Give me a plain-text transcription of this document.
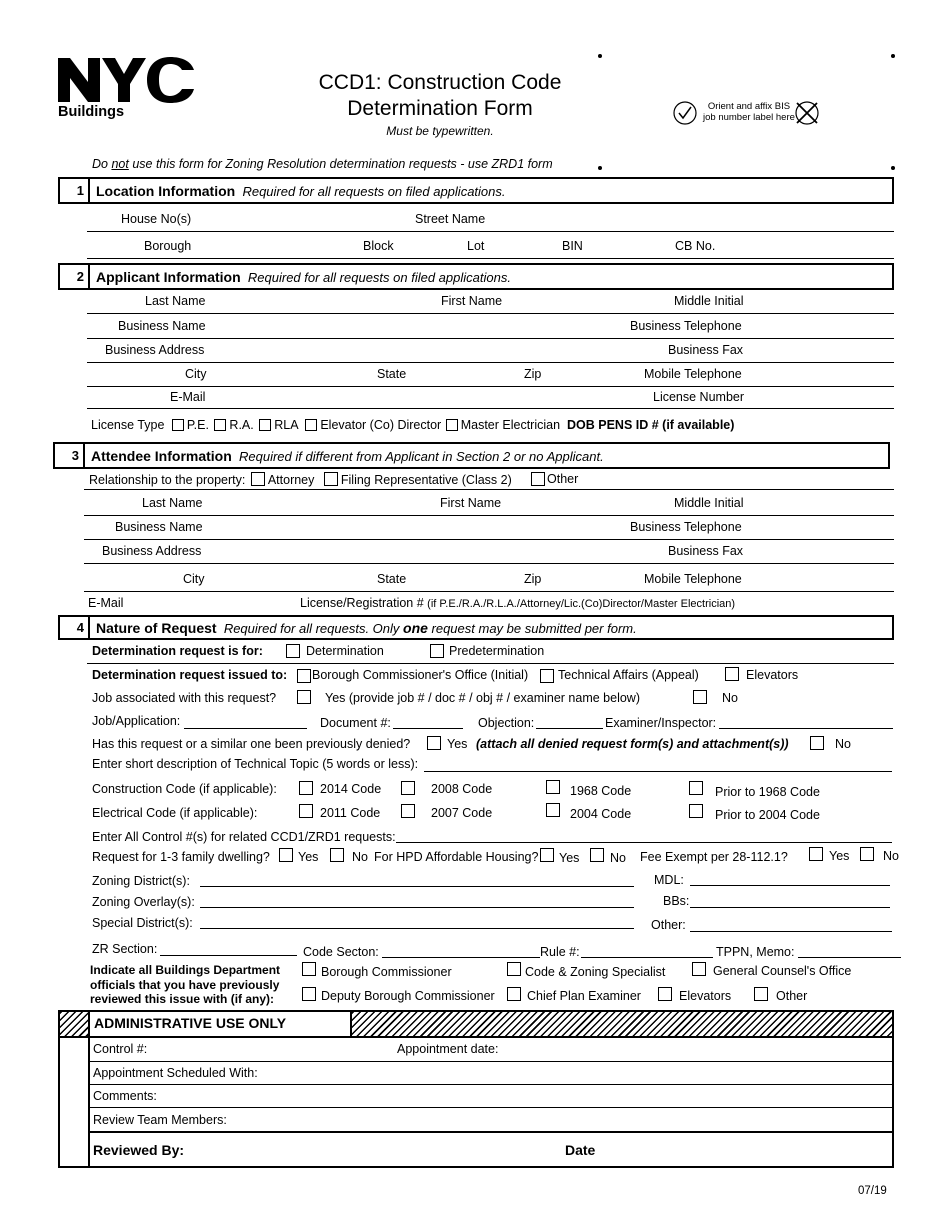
Buildings
CCD1: Construction Code
Determination Form
Must be typewritten.
Orient and affix BIS
job number label here
Do not use this form for Zoning Resolution determination requests - use ZRD1 form
1 Location Information Required for all requests on filed applications.
House No(s)	Street Name
Borough	Block	Lot	BIN	CB No.
2 Applicant Information Required for all requests on filed applications.
Last Name	First Name	Middle Initial
Business Name	Business Telephone
Business Address	Business Fax
City	State	Zip	Mobile Telephone
E-Mail	License Number
License Type P.E. R.A. RLA Elevator (Co) Director Master Electrician DOB PENS ID # (if available)
3 Attendee Information Required if different from Applicant in Section 2 or no Applicant.
Relationship to the property: Attorney Filing Representative (Class 2)	Other
Last Name	First Name	Middle Initial
Business Name	Business Telephone
Business Address	Business Fax
City	State	Zip	Mobile Telephone
E-Mail	License/Registration # (if P.E./R.A./R.L.A./Attorney/Lic.(Co)Director/Master Electrician)
4 Nature of Request Required for all requests. Only one request may be submitted per form.
Determination request is for:	Determination	Predetermination
Determination request issued to: Borough Commissioner's Office (Initial) Technical Affairs (Appeal)	Elevators
Job associated with this request?	Yes (provide job # / doc # / obj # / examiner name below)	No
Job/Application:	Document #:	Objection:	Examiner/Inspector:
Has this request or a similar one been previously denied?	Yes (attach all denied request form(s) and attachment(s))	No
Enter short description of Technical Topic (5 words or less):
Construction Code (if applicable):	2014 Code	2008 Code	1968 Code	Prior to 1968 Code
Electrical Code (if applicable):	2011 Code	2007 Code	2004 Code	Prior to 2004 Code
Enter All Control #(s) for related CCD1/ZRD1 requests:
Request for 1-3 family dwelling? Yes	No For HPD Affordable Housing? Yes No Fee Exempt per 28-112.1?	Yes	No
Zoning District(s):	MDL:
Zoning Overlay(s):	BBs:
Special District(s):	Other:
ZR Section:	Code Secton:	Rule #:	TPPN, Memo:
Indicate all Buildings Department
officials that you have previously
reviewed this issue with (if any):
Borough Commissioner	Code & Zoning Specialist	General Counsel's Office
Deputy Borough Commissioner	Chief Plan Examiner	Elevators	Other
ADMINISTRATIVE USE ONLY
Control #:	Appointment date:
Appointment Scheduled With:
Comments:
Review Team Members:
Reviewed By:	Date
07/19
